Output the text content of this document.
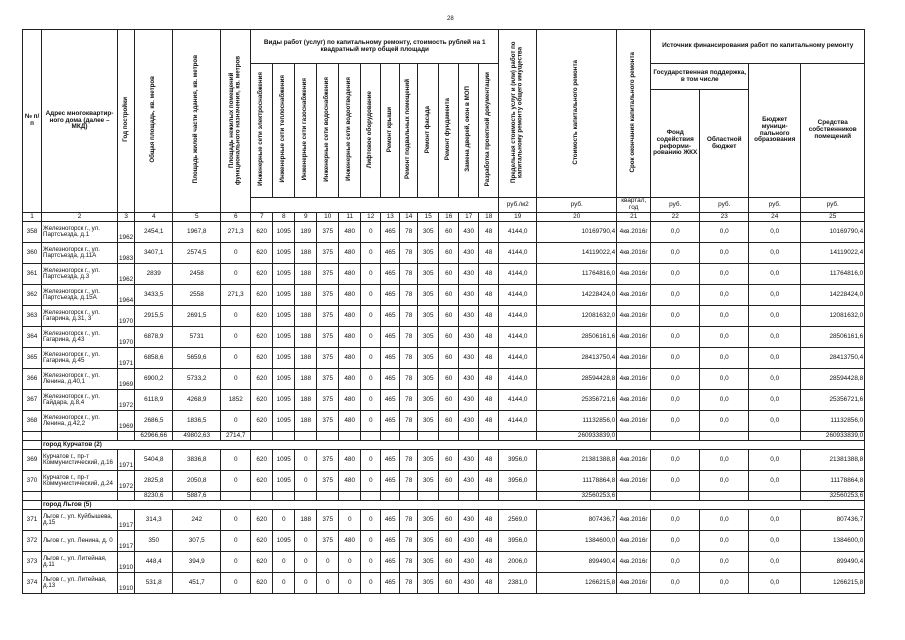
28
№ п/п	Адрес многоквартир-ного дома (далее – МКД)	Год постройки	Общая площадь, кв. метров	Площадь жилой части здания, кв. метров	Площадь нежилых помещений функционального назначения, кв. метров	Виды работ (услуг) по капитальному ремонту, стоимость рублей на 1 квадратный метр общей площади												Предельная стоимость услуг и (или) работ по капитальному ремонту общего имущества	Стоимость капитального ремонта	Срок окончания капитального ремонта	Источник финансирования работ по капитальному ремонту			
						Инженерные сети электроснабжения	Инженерные сети теплоснабжения	Инженерные сети газоснабжения	Инженерные сети водоснабжения	Инженерные сети водоотведения	Лифтовое оборудование	Ремонт крыши	Ремонт подвальных помещений	Ремонт фасада	Ремонт фундамента	Замена дверей, окон в МОП	Разработка проектной документации				Государственная поддержка, в том числе		Бюджет муници-пального образования	Средства собственников помещений
																					Фонд содействия реформи-рованию ЖКХ	Областной бюджет		
																		руб./м2	руб.	квартал, год	руб.	руб.	руб.	руб.
1	2	3	4	5	6	7	8	9	10	11	12	13	14	15	16	17	18	19	20	21	22	23	24	25
358	Железногорск г., ул. Партсъезда, д.1	1962	2454,1	1967,8	271,3	620	1095	189	375	480	0	465	78	305	60	430	48	4144,0	10169790,4	4кв.2016г	0,0	0,0	0,0	10169790,4
360	Железногорск г., ул. Партсъезда, д.11А	1983	3407,1	2574,5	0	620	1095	188	375	480	0	465	78	305	60	430	48	4144,0	14119022,4	4кв.2016г	0,0	0,0	0,0	14119022,4
361	Железногорск г., ул. Партсъезда, д.3	1962	2839	2458	0	620	1095	188	375	480	0	465	78	305	60	430	48	4144,0	11764816,0	4кв.2016г	0,0	0,0	0,0	11764816,0
362	Железногорск г., ул. Партсъезда, д.15А	1964	3433,5	2558	271,3	620	1095	188	375	480	0	465	78	305	60	430	48	4144,0	14228424,0	4кв.2016г	0,0	0,0	0,0	14228424,0
363	Железногорск г., ул. Гагарина, д.31, 3	1970	2915,5	2691,5	0	620	1095	188	375	480	0	465	78	305	60	430	48	4144,0	12081632,0	4кв.2016г	0,0	0,0	0,0	12081632,0
364	Железногорск г., ул. Гагарина, д.43	1970	6878,9	5731	0	620	1095	188	375	480	0	465	78	305	60	430	48	4144,0	28506161,6	4кв.2016г	0,0	0,0	0,0	28506161,6
365	Железногорск г., ул. Гагарина, д.45	1971	6858,6	5659,6	0	620	1095	188	375	480	0	465	78	305	60	430	48	4144,0	28413750,4	4кв.2016г	0,0	0,0	0,0	28413750,4
366	Железногорск г., ул. Ленина, д.40,1	1969	6900,2	5733,2	0	620	1095	188	375	480	0	465	78	305	60	430	48	4144,0	28594428,8	4кв.2016г	0,0	0,0	0,0	28594428,8
367	Железногорск г., ул. Гайдара, д.8,4	1972	6118,9	4268,9	1852	620	1095	188	375	480	0	465	78	305	60	430	48	4144,0	25356721,6	4кв.2016г	0,0	0,0	0,0	25356721,6
368	Железногорск г., ул. Ленина, д.42,2	1969	2686,5	1836,5	0	620	1095	188	375	480	0	465	78	305	60	430	48	4144,0	11132856,0	4кв.2016г	0,0	0,0	0,0	11132856,0
			62966,66	49802,63	2714,7														260933839,0					260933839,0
	город Курчатов (2)																							
369	Курчатов г., пр-т Коммунистический, д.16	1971	5404,8	3836,8	0	620	1095	0	375	480	0	465	78	305	60	430	48	3956,0	21381388,8	4кв.2016г	0,0	0,0	0,0	21381388,8
370	Курчатов г., пр-т Коммунистический, д.24	1972	2825,8	2050,8	0	620	1095	0	375	480	0	465	78	305	60	430	48	3956,0	11178864,8	4кв.2016г	0,0	0,0	0,0	11178864,8
			8230,6	5887,6															32560253,6					32560253,6
	город Льгов (5)																							
371	Льгов г., ул. Куйбышева, д.15	1917	314,3	242	0	620	0	188	375	0	0	465	78	305	60	430	48	2569,0	807436,7	4кв.2016г	0,0	0,0	0,0	807436,7
372	Льгов г., ул. Ленина, д. 0	1917	350	307,5	0	620	1095	0	375	480	0	465	78	305	60	430	48	3956,0	1384600,0	4кв.2016г	0,0	0,0	0,0	1384600,0
373	Льгов г., ул. Литейная, д.11	1910	448,4	394,9	0	620	0	0	0	0	0	465	78	305	60	430	48	2006,0	899490,4	4кв.2016г	0,0	0,0	0,0	899490,4
374	Льгов г., ул. Литейная, д.13	1910	531,8	451,7	0	620	0	0	0	0	0	465	78	305	60	430	48	2381,0	1266215,8	4кв.2016г	0,0	0,0	0,0	1266215,8
